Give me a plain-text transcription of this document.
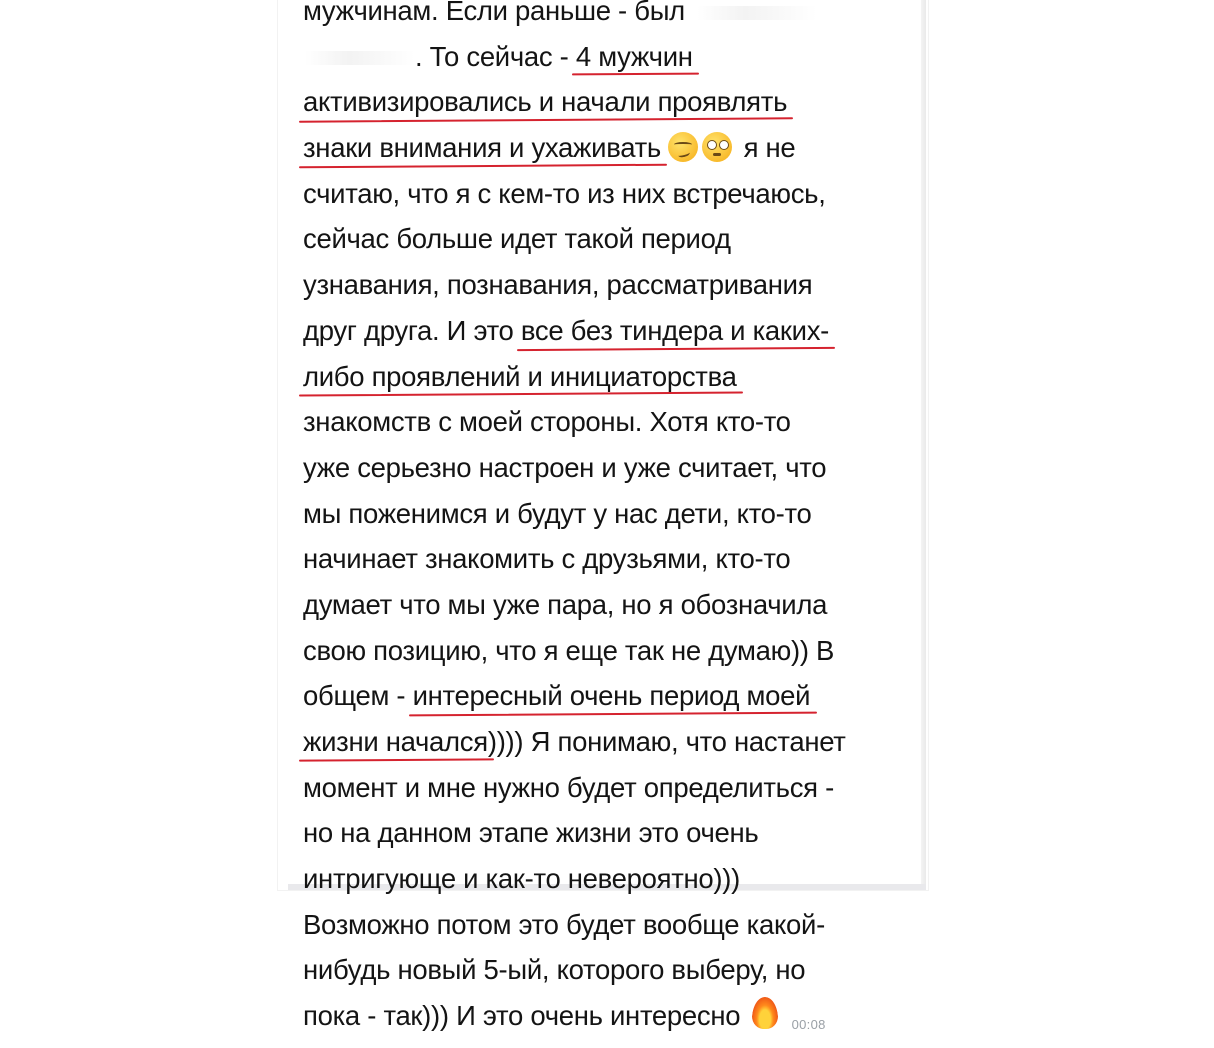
мужчинам. Если раньше - был
. То сейчас - 4 мужчин
активизировались и начали проявлять
знаки внимания и ухаживать	я не
считаю, что я с кем-то из них встречаюсь,
сейчас больше идет такой период
узнавания, познавания, рассматривания
друг друга. И это все без тиндера и каких-
либо проявлений и инициаторства
знакомств с моей стороны. Хотя кто-то
уже серьезно настроен и уже считает, что
мы поженимся и будут у нас дети, кто-то
начинает знакомить с друзьями, кто-то
думает что мы уже пара, но я обозначила
свою позицию, что я еще так не думаю)) В
общем - интересный очень период моей
жизни начался)))) Я понимаю, что настанет
момент и мне нужно будет определиться -
но на данном этапе жизни это очень
интригующе и как-то невероятно)))
Возможно потом это будет вообще какой-
нибудь новый 5-ый, которого выберу, но
пока - так))) И это очень интересно	00:08
